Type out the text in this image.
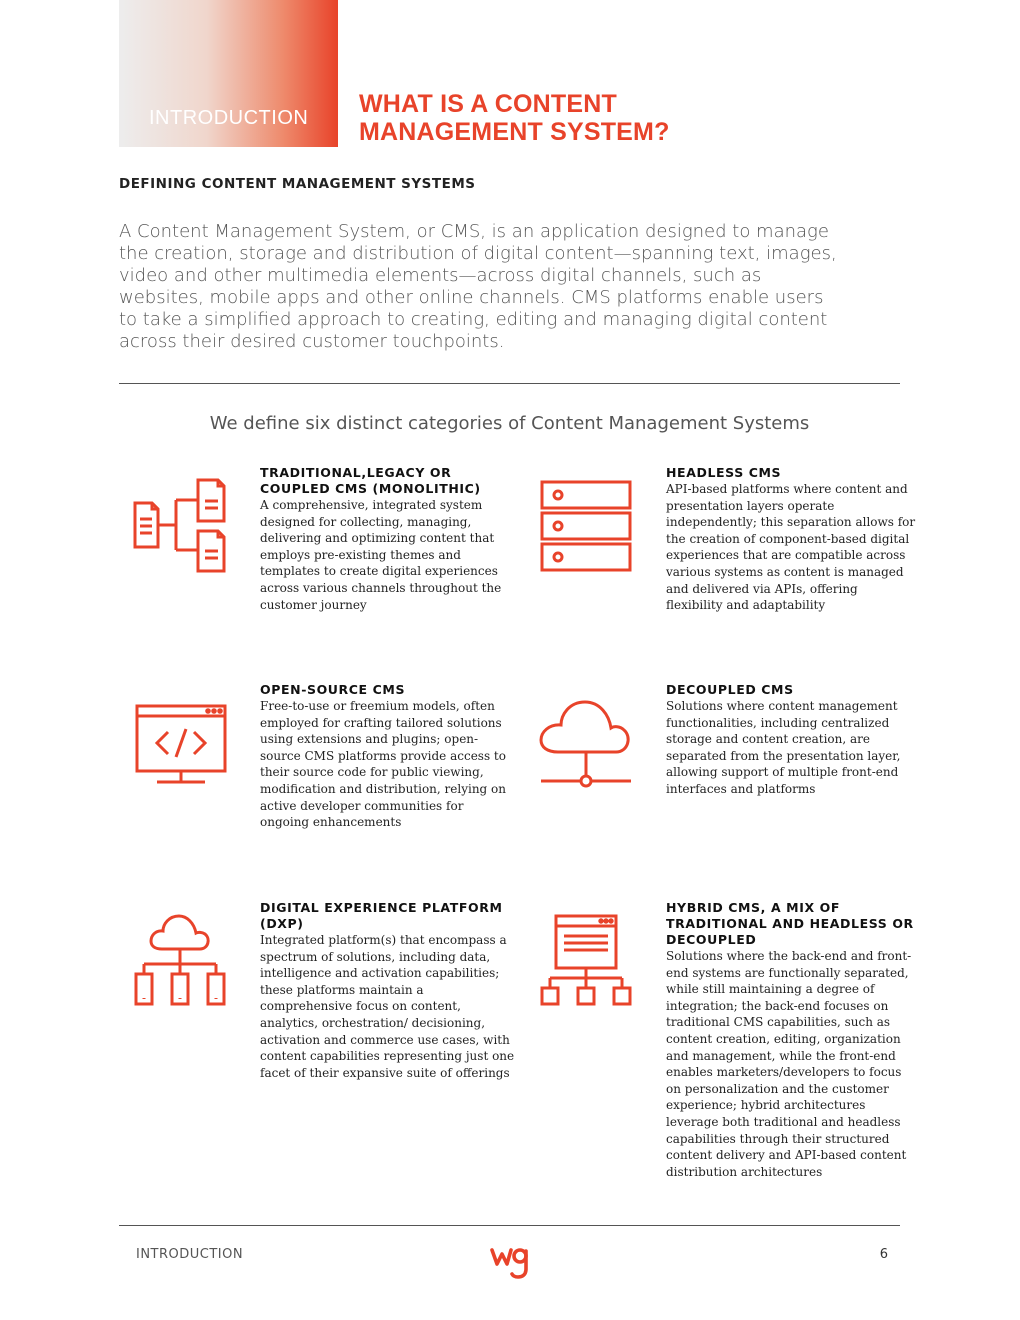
INTRODUCTION WHAT IS A CONTENT MANAGEMENT SYSTEM?
DEFINING CONTENT MANAGEMENT SYSTEMS

A Content Management System, or CMS, is an application designed to manage the creation, storage and distribution of digital content—spanning text, images, video and other multimedia elements—across digital channels, such as websites, mobile apps and other online channels. CMS platforms enable users to take a simplified approach to creating, editing and managing digital content across their desired customer touchpoints.

We define six distinct categories of Content Management Systems
TRADITIONAL,LEGACY OR COUPLED CMS (MONOLITHIC)
A comprehensive, integrated system designed for collecting, managing, delivering and optimizing content that employs pre-existing themes and templates to create digital experiences across various channels throughout the customer journey
HEADLESS CMS
API-based platforms where content and presentation layers operate independently; this separation allows for the creation of component-based digital experiences that are compatible across various systems as content is managed and delivered via APIs, offering flexibility and adaptability
OPEN-SOURCE CMS
Free-to-use or freemium models, often employed for crafting tailored solutions using extensions and plugins; open-source CMS platforms provide access to their source code for public viewing, modification and distribution, relying on active developer communities for ongoing enhancements
DECOUPLED CMS
Solutions where content management functionalities, including centralized storage and content creation, are separated from the presentation layer, allowing support of multiple front-end interfaces and platforms
DIGITAL EXPERIENCE PLATFORM (DXP)
Integrated platform(s) that encompass a spectrum of solutions, including data, intelligence and activation capabilities; these platforms maintain a comprehensive focus on content, analytics, orchestration/ decisioning, activation and commerce use cases, with content capabilities representing just one facet of their expansive suite of offerings
HYBRID CMS, A MIX OF TRADITIONAL AND HEADLESS OR DECOUPLED
Solutions where the back-end and front-end systems are functionally separated, while still maintaining a degree of integration; the back-end focuses on traditional CMS capabilities, such as content creation, editing, organization and management, while the front-end enables marketers/developers to focus on personalization and the customer experience; hybrid architectures leverage both traditional and headless capabilities through their structured content delivery and API-based content distribution architectures
INTRODUCTION	6
